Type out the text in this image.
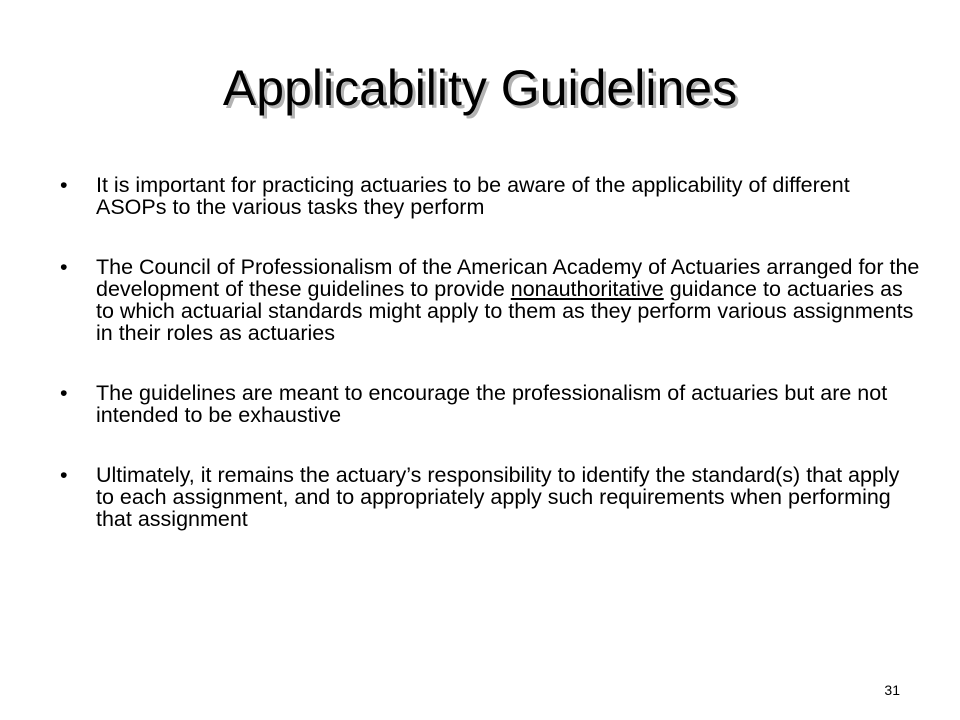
Applicability Guidelines
• It is important for practicing actuaries to be aware of the applicability of different ASOPs to the various tasks they perform
• The Council of Professionalism of the American Academy of Actuaries arranged for the development of these guidelines to provide nonauthoritative guidance to actuaries as to which actuarial standards might apply to them as they perform various assignments in their roles as actuaries
• The guidelines are meant to encourage the professionalism of actuaries but are not intended to be exhaustive
• Ultimately, it remains the actuary’s responsibility to identify the standard(s) that apply to each assignment, and to appropriately apply such requirements when performing that assignment
31
